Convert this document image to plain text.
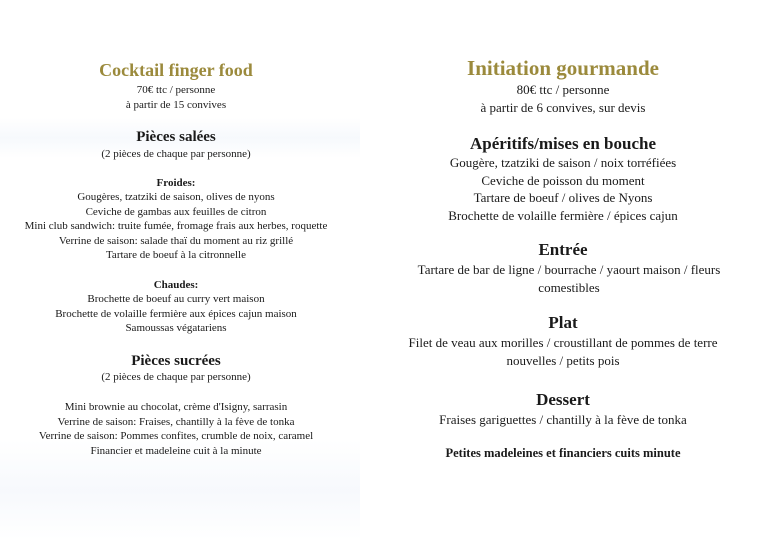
Cocktail finger food
70€ ttc / personne
à partir de 15 convives
Pièces salées
(2 pièces de chaque par personne)
Froides:
Gougères, tzatziki de saison, olives de nyons
Ceviche de gambas aux feuilles de citron
Mini club sandwich: truite fumée, fromage frais aux herbes, roquette
Verrine de saison: salade thaï du moment au riz grillé
Tartare de boeuf à la citronnelle
Chaudes:
Brochette de boeuf au curry vert maison
Brochette de volaille fermière aux épices cajun maison
Samoussas végatariens
Pièces sucrées
(2 pièces de chaque par personne)
Mini brownie au chocolat, crème d'Isigny, sarrasin
Verrine de saison: Fraises, chantilly à la fève de tonka
Verrine de saison: Pommes confites, crumble de noix, caramel
Financier et madeleine cuit à la minute
Initiation gourmande
80€ ttc / personne
à partir de 6 convives, sur devis
Apéritifs/mises en bouche
Gougère, tzatziki de saison / noix torréfiées
Ceviche de poisson du moment
Tartare de boeuf / olives de Nyons
Brochette de volaille fermière / épices cajun
Entrée
Tartare de bar de ligne / bourrache / yaourt maison / fleurs comestibles
Plat
Filet de veau aux morilles / croustillant de pommes de terre nouvelles / petits pois
Dessert
Fraises gariguettes / chantilly à la fève de tonka
Petites madeleines et financiers cuits minute
